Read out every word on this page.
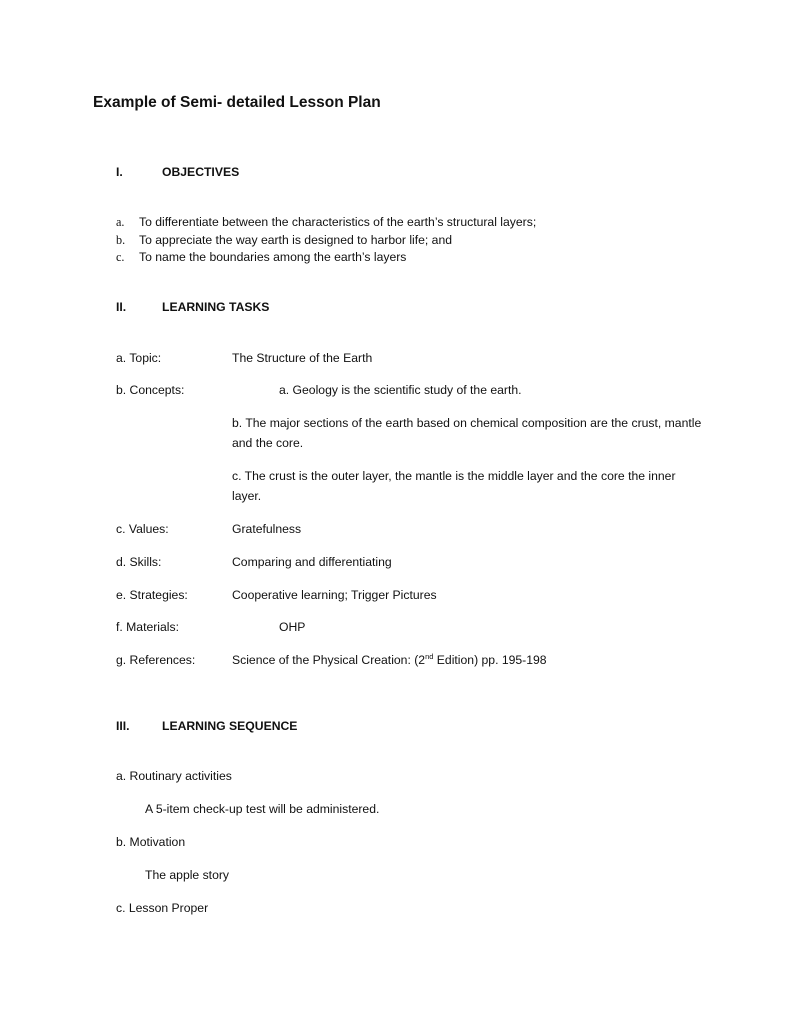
Example of Semi- detailed Lesson Plan
I.	OBJECTIVES
a. To differentiate between the characteristics of the earth’s structural layers;
b. To appreciate the way earth is designed to harbor life; and
c. To name the boundaries among the earth’s layers
II.	LEARNING TASKS
a. Topic:	The Structure of the Earth
b. Concepts:	a. Geology is the scientific study of the earth.
b. The major sections of the earth based on chemical composition are the crust, mantle and the core.
c. The crust is the outer layer, the mantle is the middle layer and the core the inner layer.
c. Values:	Gratefulness
d. Skills:	Comparing and differentiating
e. Strategies:	Cooperative learning; Trigger Pictures
f. Materials:	OHP
g. References:	Science of the Physical Creation: (2nd Edition) pp. 195-198
III.	LEARNING SEQUENCE
a. Routinary activities
A 5-item check-up test will be administered.
b. Motivation
The apple story
c. Lesson Proper
